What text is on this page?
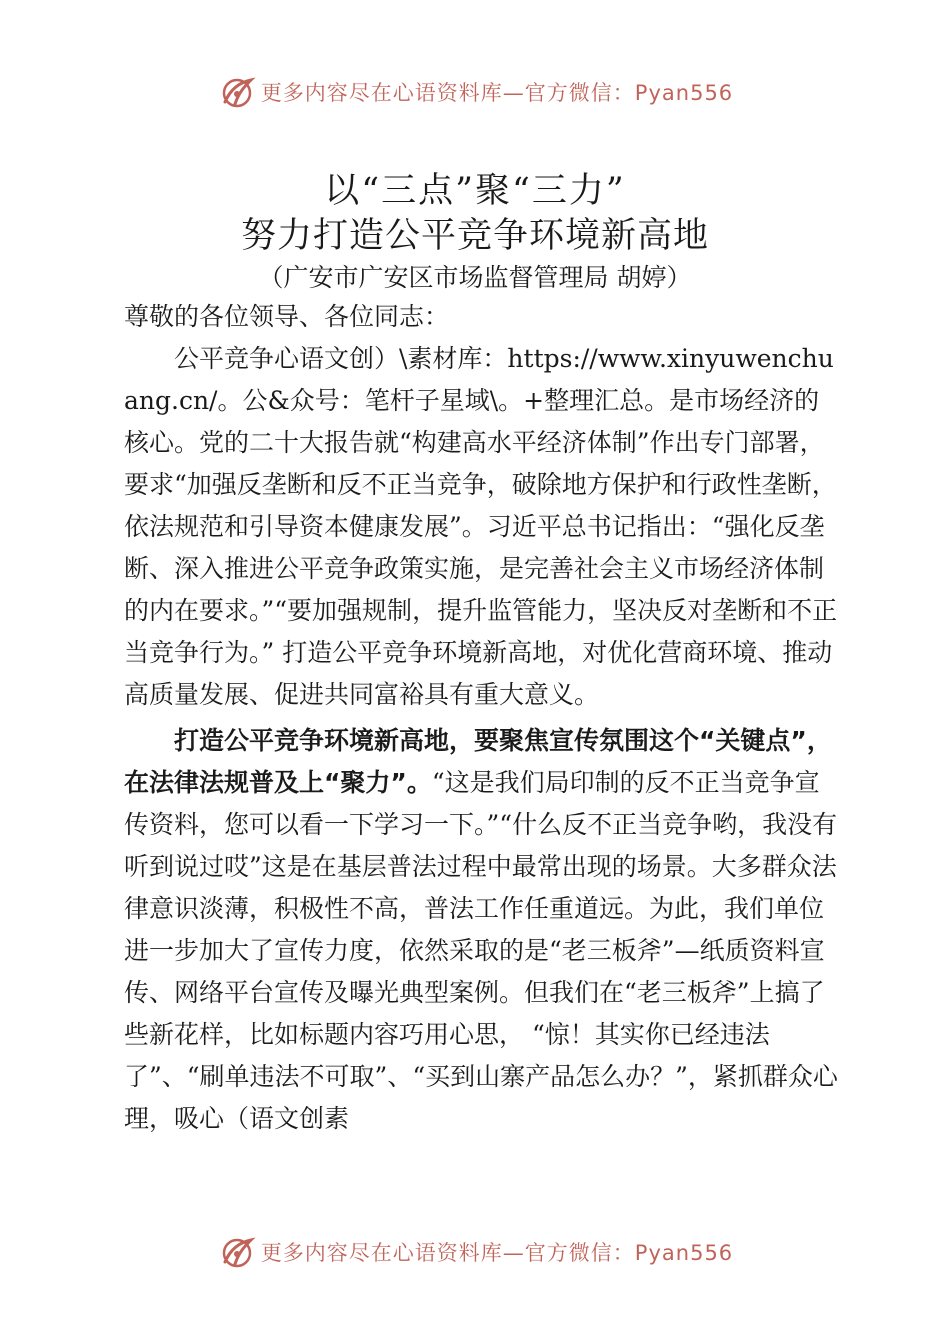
更多内容尽在心语资料库—官方微信：Pyan556
以“三点”聚“三力”
努力打造公平竞争环境新高地
（广安市广安区市场监督管理局 胡婷）

尊敬的各位领导、各位同志：

公平竞争心语文创）\素材库：https://www.xinyuwenchuang.cn/。公&众号：笔杆子星域\。+整理汇总。是市场经济的核心。党的二十大报告就“构建高水平经济体制”作出专门部署，要求“加强反垄断和反不正当竞争，破除地方保护和行政性垄断，依法规范和引导资本健康发展”。习近平总书记指出：“强化反垄断、深入推进公平竞争政策实施，是完善社会主义市场经济体制的内在要求。”“要加强规制，提升监管能力，坚决反对垄断和不正当竞争行为。” 打造公平竞争环境新高地，对优化营商环境、推动高质量发展、促进共同富裕具有重大意义。

打造公平竞争环境新高地，要聚焦宣传氛围这个“关键点”，在法律法规普及上“聚力”。“这是我们局印制的反不正当竞争宣传资料，您可以看一下学习一下。”“什么反不正当竞争哟，我没有听到说过哎”这是在基层普法过程中最常出现的场景。大多群众法律意识淡薄，积极性不高，普法工作任重道远。为此，我们单位进一步加大了宣传力度，依然采取的是“老三板斧”—纸质资料宣传、网络平台宣传及曝光典型案例。但我们在“老三板斧”上搞了些新花样，比如标题内容巧用心思， “惊！其实你已经违法了”、“刷单违法不可取”、“买到山寨产品怎么办？”，紧抓群众心理，吸心（语文创素

更多内容尽在心语资料库—官方微信：Pyan556
